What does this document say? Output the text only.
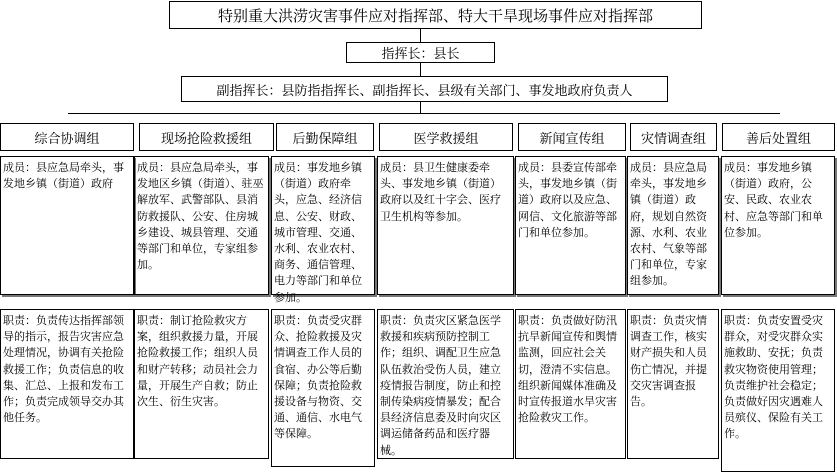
特别重大洪涝灾害事件应对指挥部、特大干旱现场事件应对指挥部
指挥长：县长
副指挥长：县防指指挥长、副指挥长、县级有关部门、事发地政府负责人
综合协调组	现场抢险救援组	后勤保障组	医学救援组	新闻宣传组	灾情调查组	善后处置组
成员：县应急局牵头，事发地乡镇（街道）政府
成员：县应急局牵头，事发地区乡镇（街道）、驻巫解放军、武警部队、县消防救援队、公安、住房城乡建设、城县管理、交通等部门和单位，专家组参加。
成员：事发地乡镇（街道）政府牵头，应急、经济信息、公安、财政、城市管理、交通、水利、农业农村、商务、通信管理、电力等部门和单位参加。
成员：县卫生健康委牵头、事发地乡镇（街道）政府以及红十字会、医疗卫生机构等参加。
成员：县委宣传部牵头，事发地乡镇（街道）政府以及应急、网信、文化旅游等部门和单位参加。
成员：县应急局牵头，事发地乡镇（街道）政府，规划自然资源、水利、农业农村、气象等部门和单位，专家组参加。
成员：事发地乡镇（街道）政府，公安、民政、农业农村、应急等部门和单位参加。
职责：负责传达指挥部领导的指示，报告灾害应急处理情况，协调有关抢险救援工作；负责信息的收集、汇总、上报和发布工作；负责完成领导交办其他任务。
职责：制订抢险救灾方案，组织救援力量，开展抢险救援工作；组织人员和财产转移；动员社会力量，开展生产自救；防止次生、衍生灾害。
职责：负责受灾群众、抢险救援及灾情调查工作人员的食宿、办公等后勤保障；负责抢险救援设备与物资、交通、通信、水电气等保障。
职责：负责灾区紧急医学救援和疾病预防控制工作；组织、调配卫生应急队伍救治受伤人员，建立疫情报告制度，防止和控制传染病疫情暴发；配合县经济信息委及时向灾区调运储备药品和医疗器械。
职责：负责做好防汛抗旱新闻宣传和舆情监测，回应社会关切，澄清不实信息。组织新闻媒体准确及时宣传报道水旱灾害抢险救灾工作。
职责：负责灾情调查工作，核实财产损失和人员伤亡情况，并提交灾害调查报告。
职责：负责安置受灾群众，对受灾群众实施救助、安抚；负责救灾物资使用管理；负责维护社会稳定；负责做好因灾遇难人员殡仪、保险有关工作。
